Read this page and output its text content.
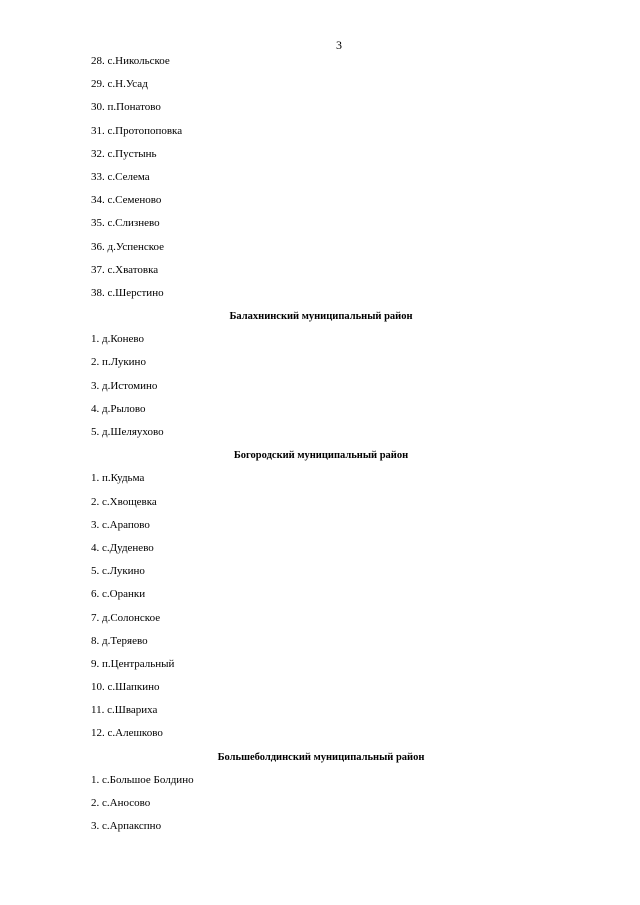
3
28. с.Никольское
29. с.Н.Усад
30. п.Понатово
31. с.Протопоповка
32. с.Пустынь
33. с.Селема
34. с.Семеново
35. с.Слизнево
36. д.Успенское
37. с.Хватовка
38. с.Шерстино
Балахнинский муниципальный район
1. д.Конево
2. п.Лукино
3. д.Истомино
4. д.Рылово
5. д.Шеляухово
Богородский муниципальный район
1. п.Кудьма
2. с.Хвощевка
3. с.Арапово
4. с.Дуденево
5. с.Лукино
6. с.Оранки
7. д.Солонское
8. д.Теряево
9. п.Центральный
10. с.Шапкино
11. с.Швариха
12. с.Алешково
Большеболдинский муниципальный район
1. с.Большое Болдино
2. с.Аносово
3. с.Арпакспно
